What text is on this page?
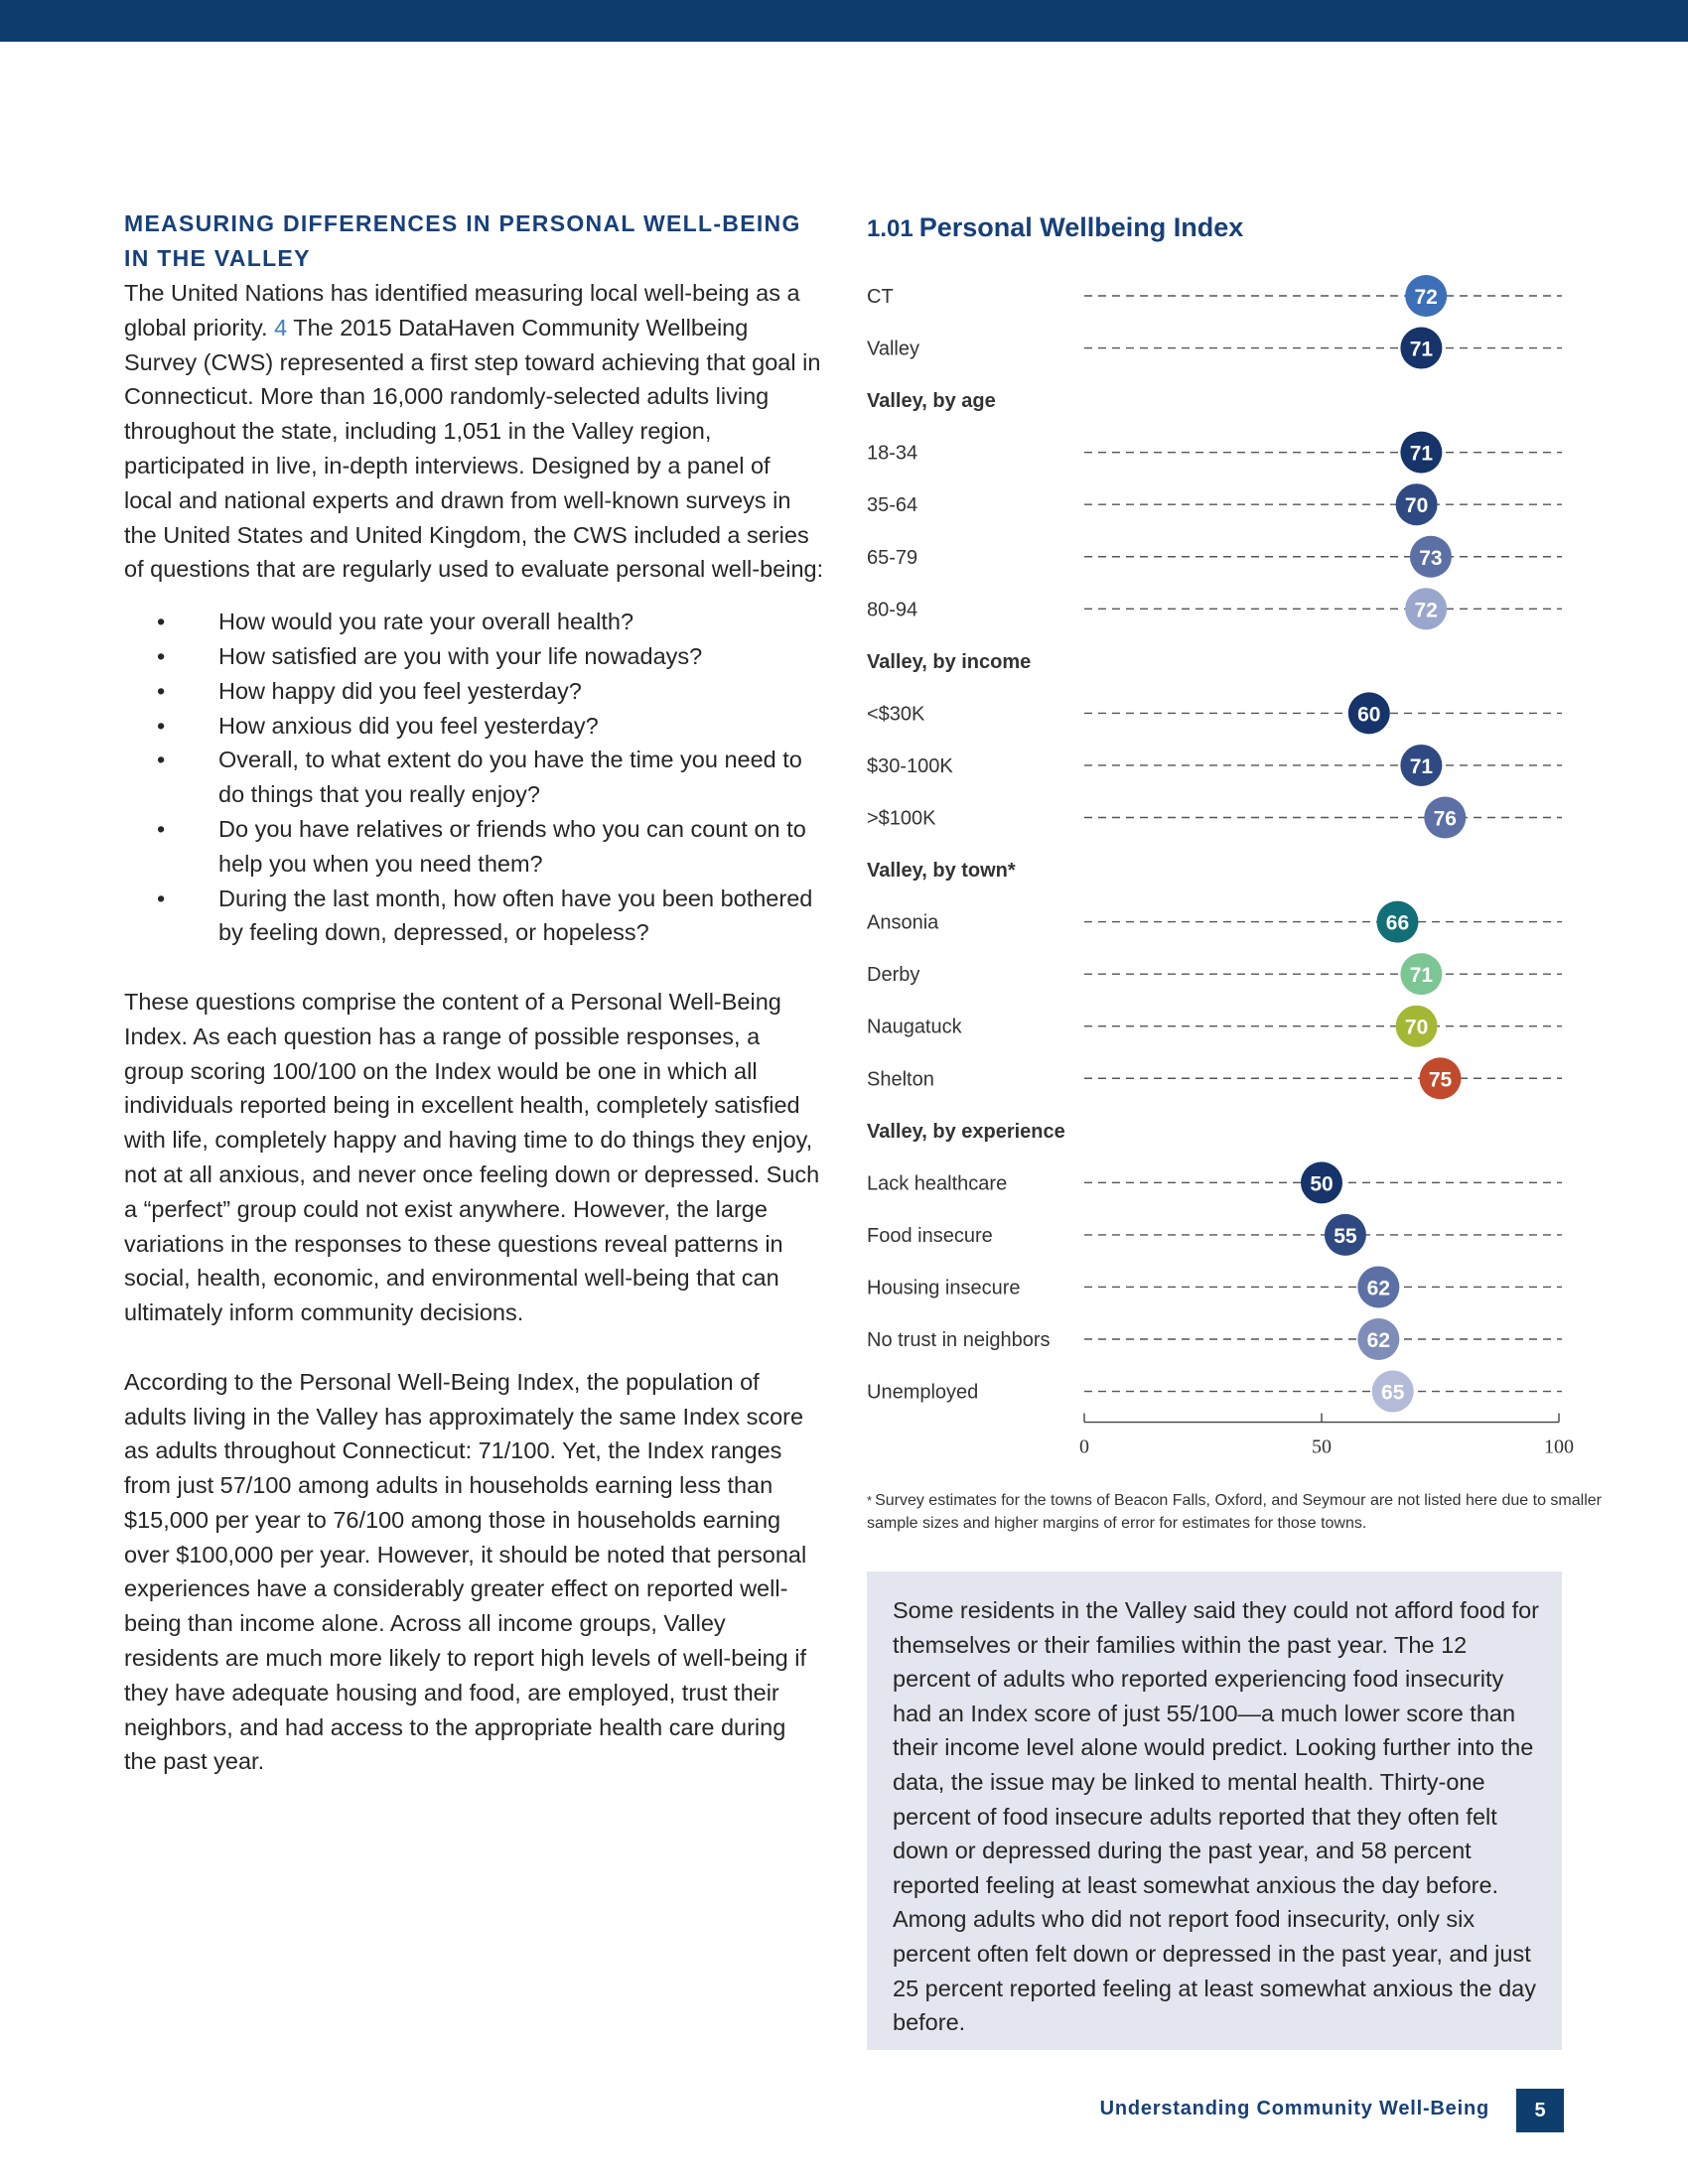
MEASURING DIFFERENCES IN PERSONAL WELL-BEING IN THE VALLEY

The United Nations has identified measuring local well-being as a global priority. 4 The 2015 DataHaven Community Wellbeing Survey (CWS) represented a first step toward achieving that goal in Connecticut. More than 16,000 randomly-selected adults living throughout the state, including 1,051 in the Valley region, participated in live, in-depth interviews. Designed by a panel of local and national experts and drawn from well-known surveys in the United States and United Kingdom, the CWS included a series of questions that are regularly used to evaluate personal well-being:

• How would you rate your overall health?
• How satisfied are you with your life nowadays?
• How happy did you feel yesterday?
• How anxious did you feel yesterday?
• Overall, to what extent do you have the time you need to do things that you really enjoy?
• Do you have relatives or friends who you can count on to help you when you need them?
• During the last month, how often have you been bothered by feeling down, depressed, or hopeless?

These questions comprise the content of a Personal Well-Being Index. As each question has a range of possible responses, a group scoring 100/100 on the Index would be one in which all individuals reported being in excellent health, completely satisfied with life, completely happy and having time to do things they enjoy, not at all anxious, and never once feeling down or depressed. Such a “perfect” group could not exist anywhere. However, the large variations in the responses to these questions reveal patterns in social, health, economic, and environmental well-being that can ultimately inform community decisions.

According to the Personal Well-Being Index, the population of adults living in the Valley has approximately the same Index score as adults throughout Connecticut: 71/100. Yet, the Index ranges from just 57/100 among adults in households earning less than $15,000 per year to 76/100 among those in households earning over $100,000 per year. However, it should be noted that personal experiences have a considerably greater effect on reported well-being than income alone. Across all income groups, Valley residents are much more likely to report high levels of well-being if they have adequate housing and food, are employed, trust their neighbors, and had access to the appropriate health care during the past year.

1.01 Personal Wellbeing Index
CT	72
Valley	71
Valley, by age
18-34	71
35-64	70
65-79	73
80-94	72
Valley, by income
<$30K	60
$30-100K	71
>$100K	76
Valley, by town*
Ansonia	66
Derby	71
Naugatuck	70
Shelton	75
Valley, by experience
Lack healthcare	50
Food insecure	55
Housing insecure	62
No trust in neighbors	62
Unemployed	65
0	50	100
* Survey estimates for the towns of Beacon Falls, Oxford, and Seymour are not listed here due to smaller sample sizes and higher margins of error for estimates for those towns.

Some residents in the Valley said they could not afford food for themselves or their families within the past year. The 12 percent of adults who reported experiencing food insecurity had an Index score of just 55/100—a much lower score than their income level alone would predict. Looking further into the data, the issue may be linked to mental health. Thirty-one percent of food insecure adults reported that they often felt down or depressed during the past year, and 58 percent reported feeling at least somewhat anxious the day before. Among adults who did not report food insecurity, only six percent often felt down or depressed in the past year, and just 25 percent reported feeling at least somewhat anxious the day before.

Understanding Community Well-Being	5
